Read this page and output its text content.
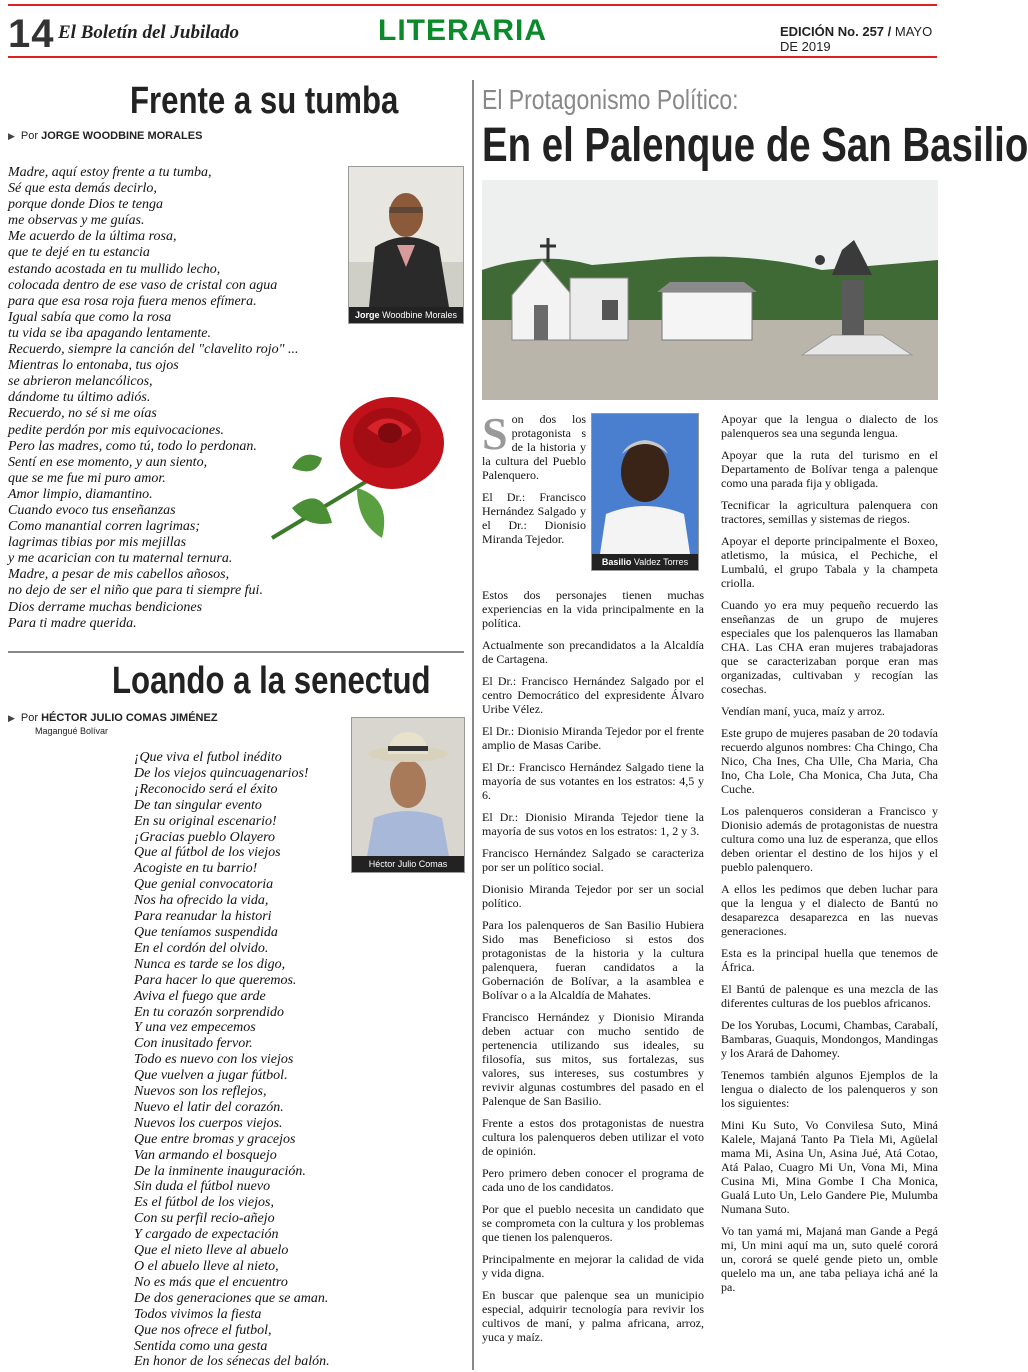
14 El Boletín del Jubilado	LITERARIA	EDICIÓN No. 257 / MAYO DE 2019
Frente a su tumba
▶ Por JORGE WOODBINE MORALES
Madre, aquí estoy frente a tu tumba,
Sé que esta demás decirlo,
porque donde Dios te tenga
me observas y me guías.
Me acuerdo de la última rosa,
que te dejé en tu estancia
estando acostada en tu mullido lecho,
colocada dentro de ese vaso de cristal con agua
para que esa rosa roja fuera menos efímera.
Igual sabía que como la rosa
tu vida se iba apagando lentamente.
Recuerdo, siempre la canción del "clavelito rojo" ...
Mientras lo entonaba, tus ojos
se abrieron melancólicos,
dándome tu último adiós.
Recuerdo, no sé si me oías
pedite perdón por mis equivocaciones.
Pero las madres, como tú, todo lo perdonan.
Sentí en ese momento, y aun siento,
que se me fue mi puro amor.
Amor limpio, diamantino.
Cuando evoco tus enseñanzas
Como manantial corren lagrimas;
lagrimas tibias por mis mejillas
y me acarician con tu maternal ternura.
Madre, a pesar de mis cabellos añosos,
no dejo de ser el niño que para ti siempre fui.
Dios derrame muchas bendiciones
Para ti madre querida.
Jorge Woodbine Morales
Loando a la senectud
▶ Por HÉCTOR JULIO COMAS JIMÉNEZ
Magangué Bolívar
¡Que viva el futbol inédito
De los viejos quincuagenarios!
¡Reconocido será el éxito
De tan singular evento
En su original escenario!
¡Gracias pueblo Olayero
Que al fútbol de los viejos
Acogiste en tu barrio!
Que genial convocatoria
Nos ha ofrecido la vida,
Para reanudar la histori
Que teníamos suspendida
En el cordón del olvido.
Nunca es tarde se los digo,
Para hacer lo que queremos.
Aviva el fuego que arde
En tu corazón sorprendido
Y una vez empecemos
Con inusitado fervor.
Todo es nuevo con los viejos
Que vuelven a jugar fútbol.
Nuevos son los reflejos,
Nuevo el latir del corazón.
Nuevos los cuerpos viejos.
Que entre bromas y gracejos
Van armando el bosquejo
De la inminente inauguración.
Sin duda el fútbol nuevo
Es el fútbol de los viejos,
Con su perfil recio-añejo
Y cargado de expectación
Que el nieto lleve al abuelo
O el abuelo lleve al nieto,
No es más que el encuentro
De dos generaciones que se aman.
Todos vivimos la fiesta
Que nos ofrece el futbol,
Sentida como una gesta
En honor de los sénecas del balón.
Héctor Julio Comas Jiménez
El Protagonismo Político:
En el Palenque de San Basilio

Son dos los protagonista s de la historia y la cultura del Pueblo Palenquero.

El Dr.: Francisco Hernández Salgado y el Dr.: Dionisio Miranda Tejedor.

Basilio Valdez Torres

Estos dos personajes tienen muchas experiencias en la vida principalmente en la política.

Actualmente son precandidatos a la Alcaldía de Cartagena.

El Dr.: Francisco Hernández Salgado por el centro Democrático del expresidente Álvaro Uribe Vélez.

El Dr.: Dionisio Miranda Tejedor por el frente amplio de Masas Caribe.

El Dr.: Francisco Hernández Salgado tiene la mayoría de sus votantes en los estratos: 4,5 y 6.

El Dr.: Dionisio Miranda Tejedor tiene la mayoría de sus votos en los estratos: 1, 2 y 3.

Francisco Hernández Salgado se caracteriza por ser un político social.

Dionisio Miranda Tejedor por ser un social político.

Para los palenqueros de San Basilio Hubiera Sido mas Beneficioso si estos dos protagonistas de la historia y la cultura palenquera, fueran candidatos a la Gobernación de Bolívar, a la asamblea e Bolívar o a la Alcaldía de Mahates.

Francisco Hernández y Dionisio Miranda deben actuar con mucho sentido de pertenencia utilizando sus ideales, su filosofía, sus mitos, sus fortalezas, sus valores, sus intereses, sus costumbres y revivir algunas costumbres del pasado en el Palenque de San Basilio.

Frente a estos dos protagonistas de nuestra cultura los palenqueros deben utilizar el voto de opinión.

Pero primero deben conocer el programa de cada uno de los candidatos.

Por que el pueblo necesita un candidato que se comprometa con la cultura y los problemas que tienen los palenqueros.

Principalmente en mejorar la calidad de vida y vida digna.

En buscar que palenque sea un municipio especial, adquirir tecnología para revivir los cultivos de maní, y palma africana, arroz, yuca y maíz.

Apoyar que la lengua o dialecto de los palenqueros sea una segunda lengua.

Apoyar que la ruta del turismo en el Departamento de Bolívar tenga a palenque como una parada fija y obligada.

Tecnificar la agricultura palenquera con tractores, semillas y sistemas de riegos.

Apoyar el deporte principalmente el Boxeo, atletismo, la música, el Pechiche, el Lumbalú, el grupo Tabala y la champeta criolla.

Cuando yo era muy pequeño recuerdo las enseñanzas de un grupo de mujeres especiales que los palenqueros las llamaban CHA. Las CHA eran mujeres trabajadoras que se caracterizaban porque eran mas organizadas, cultivaban y recogían las cosechas.

Vendían maní, yuca, maíz y arroz.

Este grupo de mujeres pasaban de 20 todavía recuerdo algunos nombres: Cha Chingo, Cha Nico, Cha Ines, Cha Ulle, Cha Maria, Cha Ino, Cha Lole, Cha Monica, Cha Juta, Cha Cuche.

Los palenqueros consideran a Francisco y Dionisio además de protagonistas de nuestra cultura como una luz de esperanza, que ellos deben orientar el destino de los hijos y el pueblo palenquero.

A ellos les pedimos que deben luchar para que la lengua y el dialecto de Bantú no desaparezca desaparezca en las nuevas generaciones.

Esta es la principal huella que tenemos de África.

El Bantú de palenque es una mezcla de las diferentes culturas de los pueblos africanos.

De los Yorubas, Locumi, Chambas, Carabalí, Bambaras, Guaquis, Mondongos, Mandingas y los Arará de Dahomey.

Tenemos también algunos Ejemplos de la lengua o dialecto de los palenqueros y son los siguientes:

Mini Ku Suto, Vo Convilesa Suto, Miná Kalele, Majaná Tanto Pa Tiela Mi, Agüelal mama Mi, Asina Un, Asina Jué, Atá Cotao, Atá Palao, Cuagro Mi Un, Vona Mi, Mina Cusina Mi, Mina Gombe I Cha Monica, Gualá Luto Un, Lelo Gandere Pie, Mulumba Numana Suto.

Vo tan yamá mi, Majaná man Gande a Pegá mi, Un mini aquí ma un, suto quelé cororá un, cororá se quelé gende pieto un, omble quelelo ma un, ane taba peliaya ichá ané la pa.
